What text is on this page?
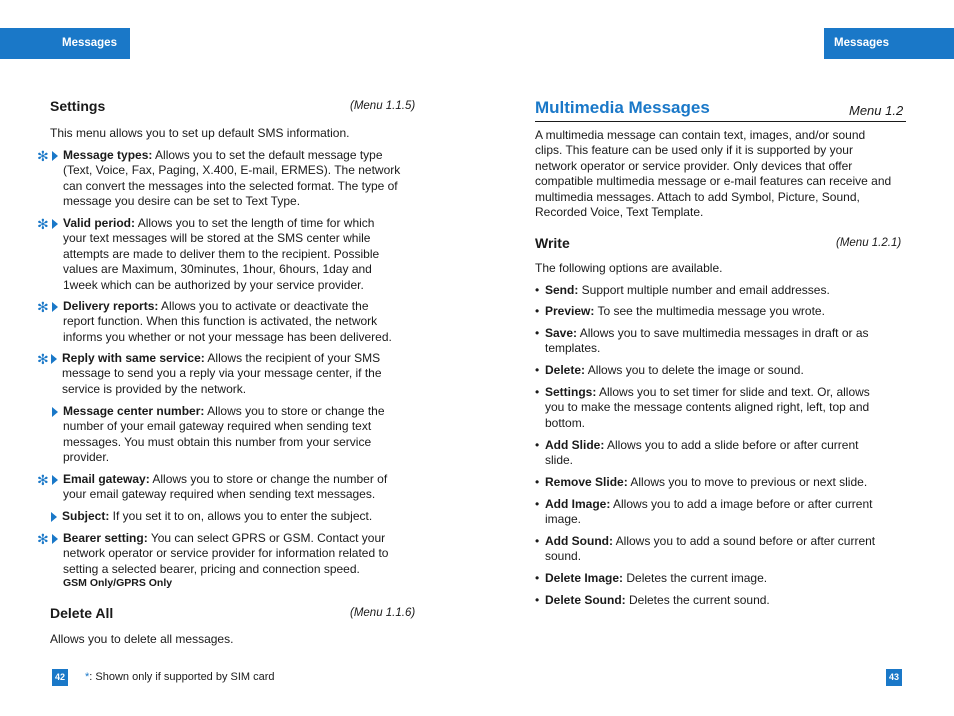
Messages	Messages
Settings	(Menu 1.1.5)
This menu allows you to set up default SMS information.
✻ Message types: Allows you to set the default message type
(Text, Voice, Fax, Paging, X.400, E-mail, ERMES). The network
can convert the messages into the selected format. The type of
message you desire can be set to Text Type.
✻ Valid period: Allows you to set the length of time for which
your text messages will be stored at the SMS center while
attempts are made to deliver them to the recipient. Possible
values are Maximum, 30minutes, 1hour, 6hours, 1day and
1week which can be authorized by your service provider.
✻ Delivery reports: Allows you to activate or deactivate the
report function. When this function is activated, the network
informs you whether or not your message has been delivered.
✻ Reply with same service: Allows the recipient of your SMS
message to send you a reply via your message center, if the
service is provided by the network.
Message center number: Allows you to store or change the
number of your email gateway required when sending text
messages. You must obtain this number from your service
provider.
✻ Email gateway: Allows you to store or change the number of
your email gateway required when sending text messages.
Subject: If you set it to on, allows you to enter the subject.
✻ Bearer setting: You can select GPRS or GSM. Contact your
network operator or service provider for information related to
setting a selected bearer, pricing and connection speed.
GSM Only/GPRS Only
Delete All	(Menu 1.1.6)
Allows you to delete all messages.
42 *: Shown only if supported by SIM card
Multimedia Messages	Menu 1.2
A multimedia message can contain text, images, and/or sound
clips. This feature can be used only if it is supported by your
network operator or service provider. Only devices that offer
compatible multimedia message or e-mail features can receive and
multimedia messages. Attach to add Symbol, Picture, Sound,
Recorded Voice, Text Template.
Write	(Menu 1.2.1)
The following options are available.
• Send: Support multiple number and email addresses.
• Preview: To see the multimedia message you wrote.
• Save: Allows you to save multimedia messages in draft or as
templates.
• Delete: Allows you to delete the image or sound.
• Settings: Allows you to set timer for slide and text. Or, allows
you to make the message contents aligned right, left, top and
bottom.
• Add Slide: Allows you to add a slide before or after current
slide.
• Remove Slide: Allows you to move to previous or next slide.
• Add Image: Allows you to add a image before or after current
image.
• Add Sound: Allows you to add a sound before or after current
sound.
• Delete Image: Deletes the current image.
• Delete Sound: Deletes the current sound.
43
